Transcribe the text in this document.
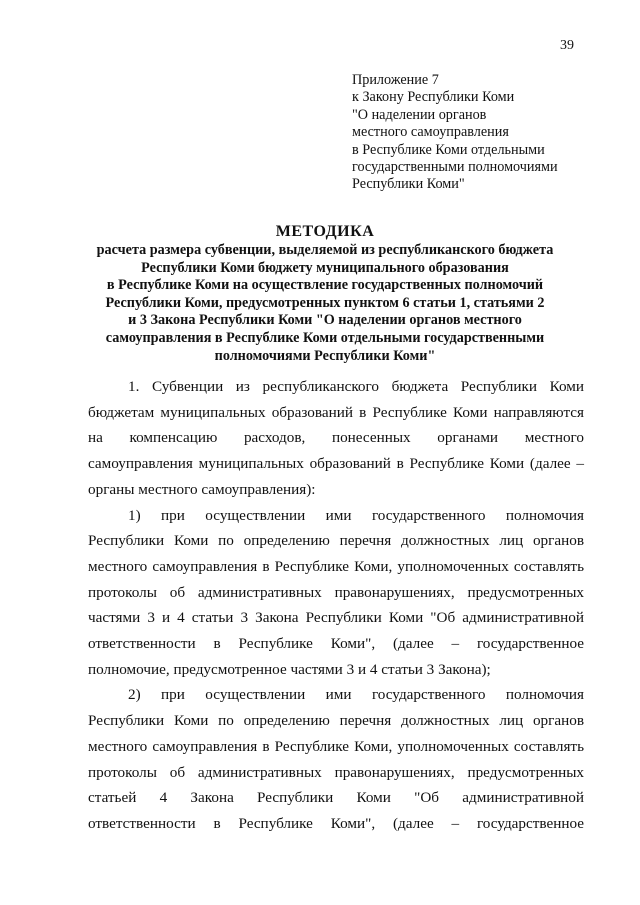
39
Приложение 7
к Закону Республики Коми
"О наделении органов
местного самоуправления
в Республике Коми отдельными
государственными полномочиями
Республики Коми"
МЕТОДИКА
расчета размера субвенции, выделяемой из республиканского бюджета
Республики Коми бюджету муниципального образования
в Республике Коми на осуществление государственных полномочий
Республики Коми, предусмотренных пунктом 6 статьи 1, статьями 2
и 3 Закона Республики Коми "О наделении органов местного
самоуправления в Республике Коми отдельными государственными
полномочиями Республики Коми"
1. Субвенции из республиканского бюджета Республики Коми
бюджетам муниципальных образований в Республике Коми направляются
на компенсацию расходов, понесенных органами местного
самоуправления муниципальных образований в Республике Коми (далее –
органы местного самоуправления):
1) при осуществлении ими государственного полномочия
Республики Коми по определению перечня должностных лиц органов
местного самоуправления в Республике Коми, уполномоченных составлять
протоколы об административных правонарушениях, предусмотренных
частями 3 и 4 статьи 3 Закона Республики Коми "Об административной
ответственности в Республике Коми", (далее – государственное
полномочие, предусмотренное частями 3 и 4 статьи 3 Закона);
2) при осуществлении ими государственного полномочия
Республики Коми по определению перечня должностных лиц органов
местного самоуправления в Республике Коми, уполномоченных составлять
протоколы об административных правонарушениях, предусмотренных
статьей 4 Закона Республики Коми "Об административной
ответственности в Республике Коми", (далее – государственное
